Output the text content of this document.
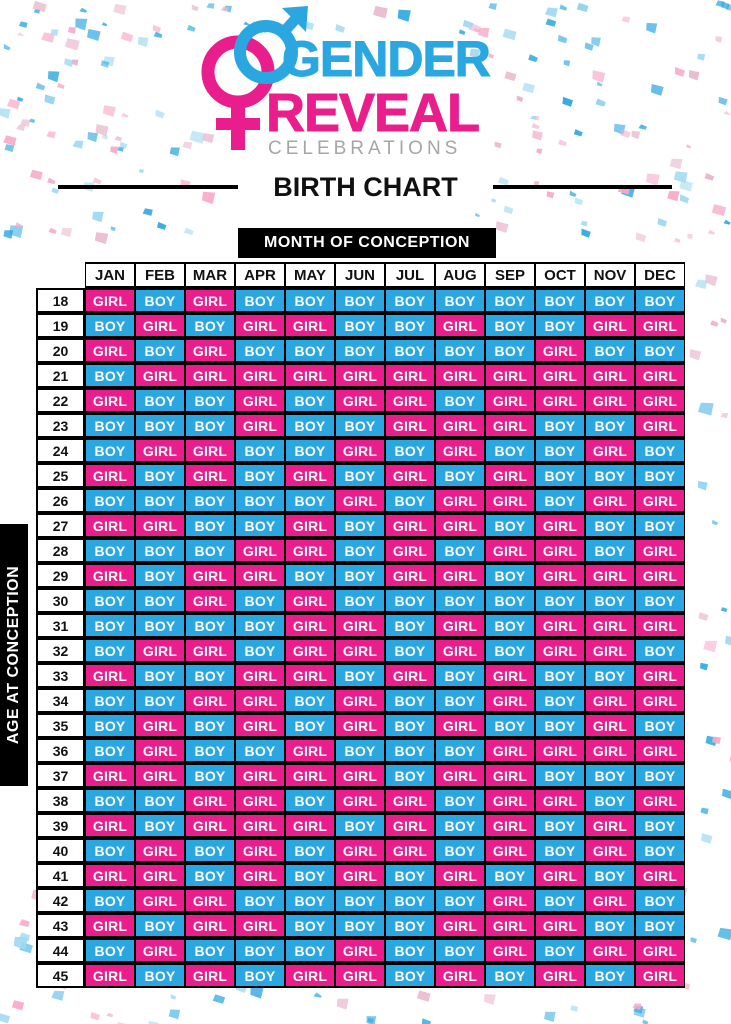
GENDER
REVEAL
CELEBRATIONS
BIRTH CHART
MONTH OF CONCEPTION
AGE AT CONCEPTION
	JAN	FEB	MAR	APR	MAY	JUN	JUL	AUG	SEP	OCT	NOV	DEC
18	GIRL	BOY	GIRL	BOY	BOY	BOY	BOY	BOY	BOY	BOY	BOY	BOY
19	BOY	GIRL	BOY	GIRL	GIRL	BOY	BOY	GIRL	BOY	BOY	GIRL	GIRL
20	GIRL	BOY	GIRL	BOY	BOY	BOY	BOY	BOY	BOY	GIRL	BOY	BOY
21	BOY	GIRL	GIRL	GIRL	GIRL	GIRL	GIRL	GIRL	GIRL	GIRL	GIRL	GIRL
22	GIRL	BOY	BOY	GIRL	BOY	GIRL	GIRL	BOY	GIRL	GIRL	GIRL	GIRL
23	BOY	BOY	BOY	GIRL	BOY	BOY	GIRL	GIRL	GIRL	BOY	BOY	GIRL
24	BOY	GIRL	GIRL	BOY	BOY	GIRL	BOY	GIRL	BOY	BOY	GIRL	BOY
25	GIRL	BOY	GIRL	BOY	GIRL	BOY	GIRL	BOY	GIRL	BOY	BOY	BOY
26	BOY	BOY	BOY	BOY	BOY	GIRL	BOY	GIRL	GIRL	BOY	GIRL	GIRL
27	GIRL	GIRL	BOY	BOY	GIRL	BOY	GIRL	GIRL	BOY	GIRL	BOY	BOY
28	BOY	BOY	BOY	GIRL	GIRL	BOY	GIRL	BOY	GIRL	GIRL	BOY	GIRL
29	GIRL	BOY	GIRL	GIRL	BOY	BOY	GIRL	GIRL	BOY	GIRL	GIRL	GIRL
30	BOY	BOY	GIRL	BOY	GIRL	BOY	BOY	BOY	BOY	BOY	BOY	BOY
31	BOY	BOY	BOY	BOY	GIRL	GIRL	BOY	GIRL	BOY	GIRL	GIRL	GIRL
32	BOY	GIRL	GIRL	BOY	GIRL	GIRL	BOY	GIRL	BOY	GIRL	GIRL	BOY
33	GIRL	BOY	BOY	GIRL	GIRL	BOY	GIRL	BOY	GIRL	BOY	BOY	GIRL
34	BOY	BOY	GIRL	GIRL	BOY	GIRL	BOY	BOY	GIRL	BOY	GIRL	GIRL
35	BOY	GIRL	BOY	GIRL	BOY	GIRL	BOY	GIRL	BOY	BOY	GIRL	BOY
36	BOY	GIRL	BOY	BOY	GIRL	BOY	BOY	BOY	GIRL	GIRL	GIRL	GIRL
37	GIRL	GIRL	BOY	GIRL	GIRL	GIRL	BOY	GIRL	GIRL	BOY	BOY	BOY
38	BOY	BOY	GIRL	GIRL	BOY	GIRL	GIRL	BOY	GIRL	GIRL	BOY	GIRL
39	GIRL	BOY	GIRL	GIRL	GIRL	BOY	GIRL	BOY	GIRL	BOY	GIRL	BOY
40	BOY	GIRL	BOY	GIRL	BOY	GIRL	GIRL	BOY	GIRL	BOY	GIRL	BOY
41	GIRL	GIRL	BOY	GIRL	BOY	GIRL	BOY	GIRL	BOY	GIRL	BOY	GIRL
42	BOY	GIRL	GIRL	BOY	BOY	BOY	BOY	BOY	GIRL	BOY	GIRL	BOY
43	GIRL	BOY	GIRL	GIRL	BOY	BOY	BOY	GIRL	GIRL	GIRL	BOY	BOY
44	BOY	GIRL	BOY	BOY	BOY	GIRL	BOY	BOY	GIRL	BOY	GIRL	GIRL
45	GIRL	BOY	GIRL	BOY	GIRL	GIRL	BOY	GIRL	BOY	GIRL	BOY	GIRL
